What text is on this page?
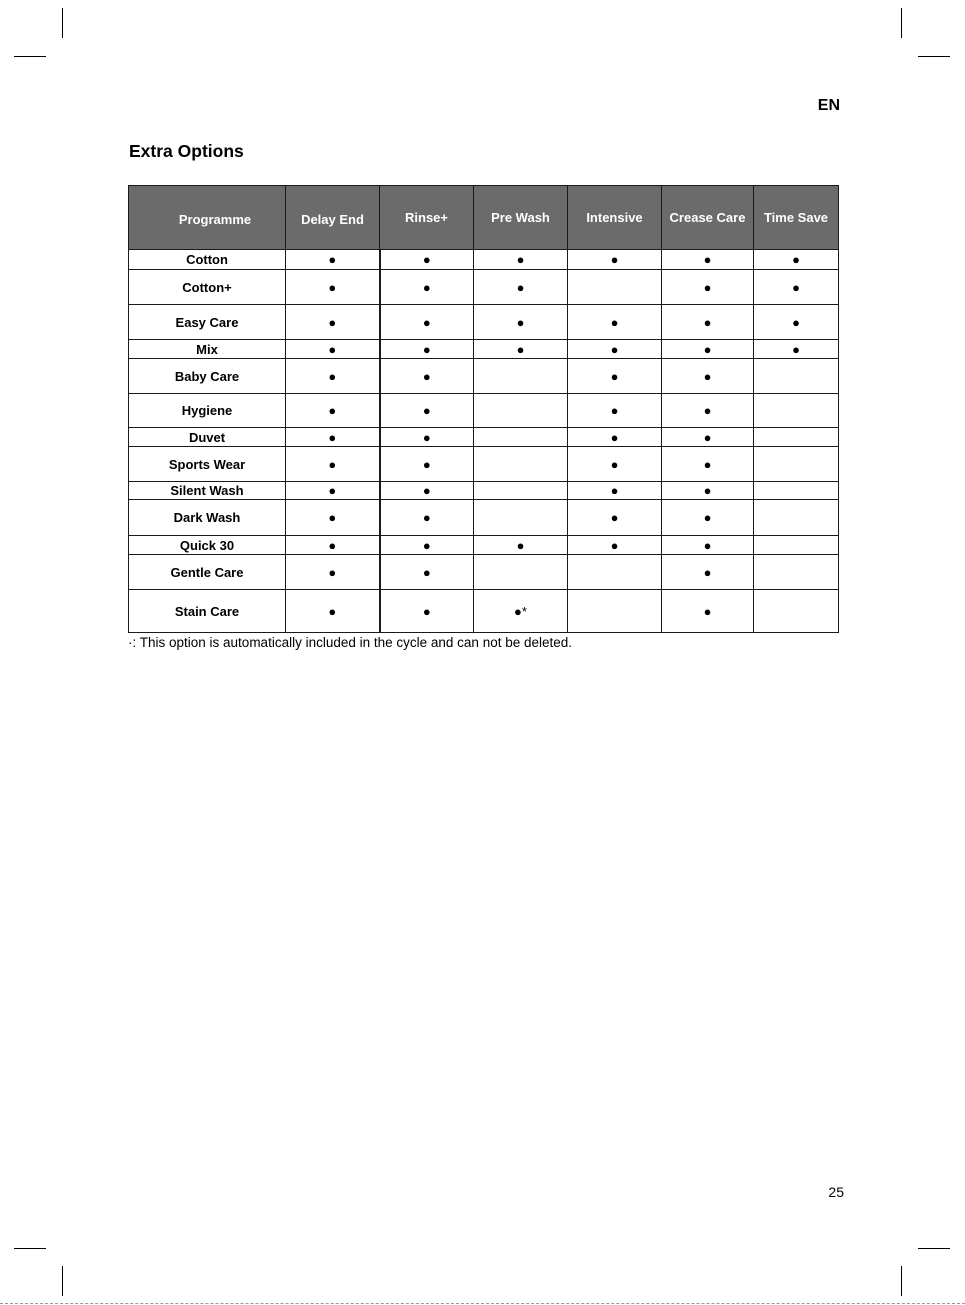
EN
Extra Options
Programme	Delay End	Rinse+	Pre Wash	Intensive	Crease Care	Time Save
Cotton	●	●	●	●	●	●
Cotton+	●	●	●		●	●
Easy Care	●	●	●	●	●	●
Mix	●	●	●	●	●	●
Baby Care	●	●		●	●	
Hygiene	●	●		●	●	
Duvet	●	●		●	●	
Sports Wear	●	●		●	●	
Silent Wash	●	●		●	●	
Dark Wash	●	●		●	●	
Quick 30	●	●	●	●	●	
Gentle Care	●	●			●	
Stain Care	●	●	●*		●	
·: This option is automatically included in the cycle and can not be deleted.
25
